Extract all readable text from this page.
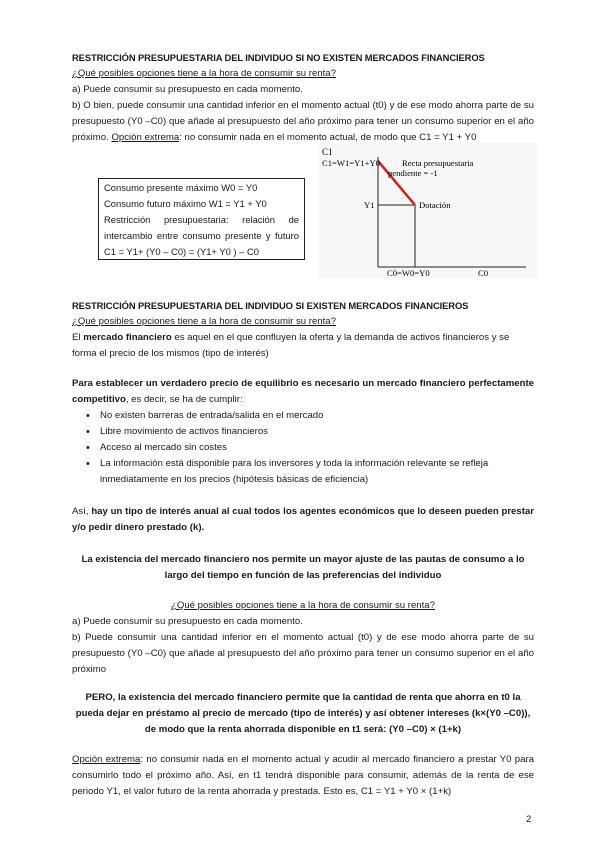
RESTRICCIÓN PRESUPUESTARIA DEL INDIVIDUO SI NO EXISTEN MERCADOS FINANCIEROS
¿Qué posibles opciones tiene a la hora de consumir su renta?
a) Puede consumir su presupuesto en cada momento.
b) O bien, puede consumir una cantidad inferior en el momento actual (t0) y de ese modo ahorra parte de su presupuesto (Y0 –C0) que añade al presupuesto del año próximo para tener un consumo superior en el año próximo. Opción extrema: no consumir nada en el momento actual, de modo que C1 = Y1 + Y0
Consumo presente máximo W0 = Y0
Consumo futuro máximo W1 = Y1 + Y0
Restricción presupuestaria: relación de intercambio entre consumo presente y futuro C1 = Y1+ (Y0 – C0) = (Y1+ Y0 ) – C0
C1
C1=W1=Y1+Y0	Recta presupuestaria
pendiente = -1
Y1	Dotación
C0=W0=Y0	C0
RESTRICCIÓN PRESUPUESTARIA DEL INDIVIDUO SI EXISTEN MERCADOS FINANCIEROS
¿Qué posibles opciones tiene a la hora de consumir su renta?
El mercado financiero es aquel en el que confluyen la oferta y la demanda de activos financieros y se forma el precio de los mismos (tipo de interés)
Para establecer un verdadero precio de equilibrio es necesario un mercado financiero perfectamente competitivo, es decir, se ha de cumplir:
• No existen barreras de entrada/salida en el mercado
• Libre movimiento de activos financieros
• Acceso al mercado sin costes
• La información está disponible para los inversores y toda la información relevante se refleja inmediatamente en los precios (hipótesis básicas de eficiencia)
Así, hay un tipo de interés anual al cual todos los agentes económicos que lo deseen pueden prestar y/o pedir dinero prestado (k).
La existencia del mercado financiero nos permite un mayor ajuste de las pautas de consumo a lo largo del tiempo en función de las preferencias del individuo
¿Qué posibles opciones tiene a la hora de consumir su renta?
a) Puede consumir su presupuesto en cada momento.
b) Puede consumir una cantidad inferior en el momento actual (t0) y de ese modo ahorra parte de su presupuesto (Y0 –C0) que añade al presupuesto del año próximo para tener un consumo superior en el año próximo
PERO, la existencia del mercado financiero permite que la cantidad de renta que ahorra en t0 la pueda dejar en préstamo al precio de mercado (tipo de interés) y así obtener intereses (k×(Y0 –C0)), de modo que la renta ahorrada disponible en t1 será: (Y0 –C0) × (1+k)
Opción extrema: no consumir nada en el momento actual y acudir al mercado financiero a prestar Y0 para consumirlo todo el próximo año. Así, en t1 tendrá disponible para consumir, además de la renta de ese periodo Y1, el valor futuro de la renta ahorrada y prestada. Esto es, C1 = Y1 + Y0 × (1+k)
2
